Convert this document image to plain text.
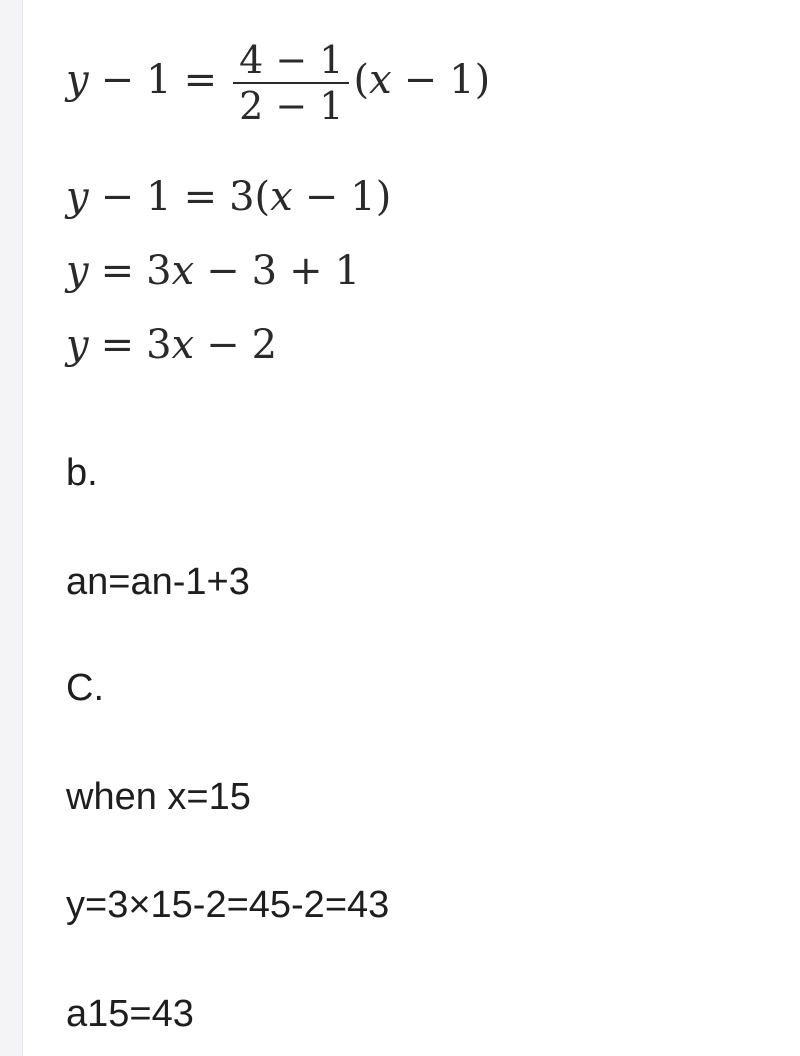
$y - 1 = \frac{4 - 1}{2 - 1} (x - 1)$
y − 1 = 3(x − 1)
y = 3x − 3 + 1
y = 3x − 2
b.
an=an-1+3
C.
when x=15
y=3×15-2=45-2=43
a15=43
